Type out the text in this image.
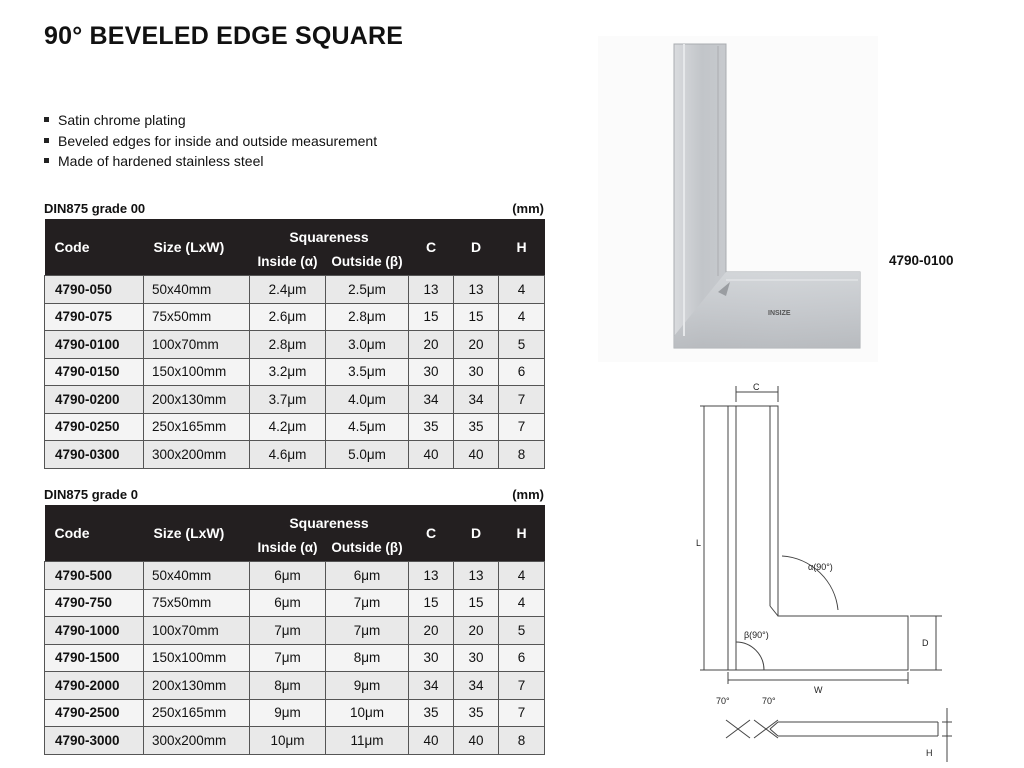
90° BEVELED EDGE SQUARE
Satin chrome plating
Beveled edges for inside and outside measurement
Made of hardened stainless steel
DIN875 grade 00	(mm)
Code	Size (LxW)	Squareness		C	D	H
		Inside (α)	Outside (β)			
4790-050	50x40mm	2.4μm	2.5μm	13	13	4
4790-075	75x50mm	2.6μm	2.8μm	15	15	4
4790-0100	100x70mm	2.8μm	3.0μm	20	20	5
4790-0150	150x100mm	3.2μm	3.5μm	30	30	6
4790-0200	200x130mm	3.7μm	4.0μm	34	34	7
4790-0250	250x165mm	4.2μm	4.5μm	35	35	7
4790-0300	300x200mm	4.6μm	5.0μm	40	40	8
DIN875 grade 0	(mm)
Code	Size (LxW)	Squareness		C	D	H
		Inside (α)	Outside (β)			
4790-500	50x40mm	6μm	6μm	13	13	4
4790-750	75x50mm	6μm	7μm	15	15	4
4790-1000	100x70mm	7μm	7μm	20	20	5
4790-1500	150x100mm	7μm	8μm	30	30	6
4790-2000	200x130mm	8μm	9μm	34	34	7
4790-2500	250x165mm	9μm	10μm	35	35	7
4790-3000	300x200mm	10μm	11μm	40	40	8
INSIZE
4790-0100
C
L
W
D
H
α(90°)
β(90°)
70°	70°
